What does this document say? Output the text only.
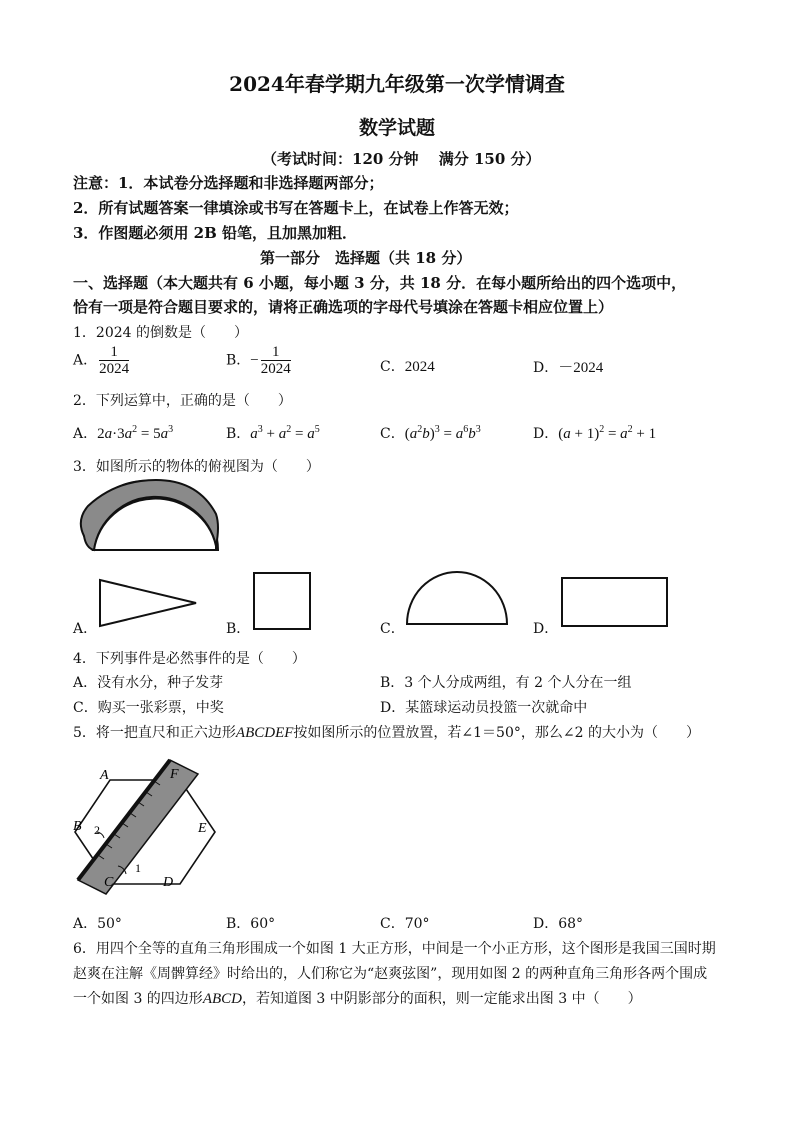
2024年春学期九年级第一次学情调查
数学试题
（考试时间：120 分钟　 满分 150 分）
注意：1．本试卷分选择题和非选择题两部分；
2．所有试题答案一律填涂或书写在答题卡上，在试卷上作答无效；
3．作图题必须用 2B 铅笔，且加黑加粗．
第一部分　选择题（共 18 分）
一、选择题（本大题共有 6 小题，每小题 3 分，共 18 分．在每小题所给出的四个选项中，
恰有一项是符合题目要求的，请将正确选项的字母代号填涂在答题卡相应位置上）
1．2024 的倒数是（　　）
A． $\frac{1}{2024}$	B．− $\frac{1}{2024}$	C．2024	D．－2024
2．下列运算中，正确的是（　　）
A．$2a\cdot 3a^2 = 5a^3$	B．$a^3 + a^2 = a^5$	C．$(a^2b)^3 = a^6b^3$	D．$(a + 1)^2 = a^2 + 1$
3．如图所示的物体的俯视图为（　　）
A．	B．	C．	D．
4．下列事件是必然事件的是（　　）
A．没有水分，种子发芽	B．3 个人分成两组，有 2 个人分在一组
C．购买一张彩票，中奖	D．某篮球运动员投篮一次就命中
5．将一把直尺和正六边形ABCDEF按如图所示的位置放置，若∠1＝50°，那么∠2 的大小为（　　）
A	F
B	E
C	D
2
1
A．50°	B．60°	C．70°	D．68°
6．用四个全等的直角三角形围成一个如图 1 大正方形，中间是一个小正方形，这个图形是我国三国时期
赵爽在注解《周髀算经》时给出的，人们称它为“赵爽弦图”，现用如图 2 的两种直角三角形各两个围成
一个如图 3 的四边形ABCD，若知道图 3 中阴影部分的面积，则一定能求出图 3 中（　　）
